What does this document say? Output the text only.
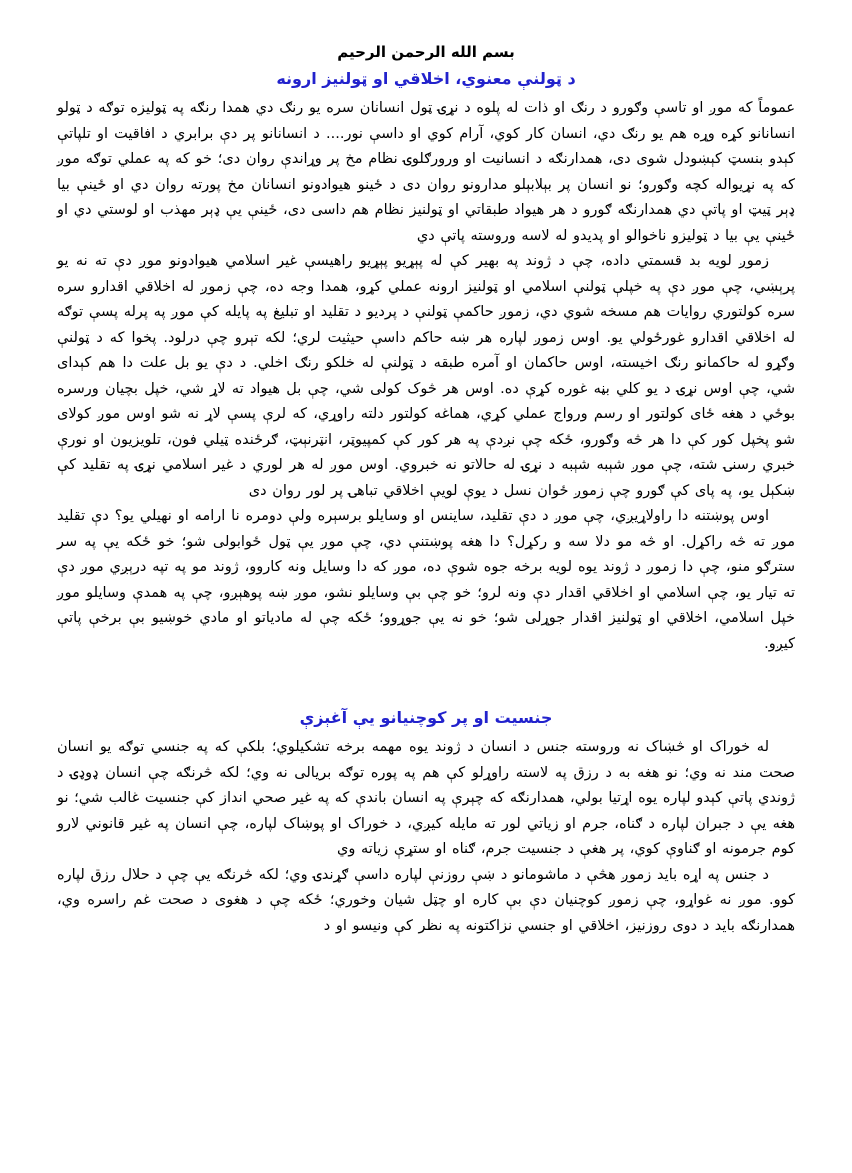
بسم الله الرحمن الرحيم

د ټولنې معنوي، اخلاقي او ټولنيز ارونه

عموماً که موږ او تاسې وګورو د رنګ او ذات له پلوه د نړۍ ټول انسانان سره يو رنګ دي همدا رنګه په ټوليزه توګه د ټولو انسانانو کړه وړه هم يو رنګ دي، انسان کار کوي، آرام کوي او داسې نور.... د انسانانو پر دې برابري د افاقيت او تلپاتې کېدو بنسټ کېښودل شوی دی، همدارنګه د انسانيت او ورورګلوۍ نظام مخ پر وړاندې روان دی؛ خو که په عملي توګه موږ که په نړيواله کچه وګورو؛ نو انسان پر بېلابېلو مدارونو روان دی د ځينو هيوادونو انسانان مخ پورته روان دي او ځينې بيا ډېر ټيټ او پاتې دي همدارنګه ګورو د هر هيواد طبقاتي او ټولنيز نظام هم داسی دی، ځينې يې ډېر مهذب او لوستي دي او ځينې يې بيا د ټوليزو ناخوالو او پديدو له لاسه وروسته پاتې دي

زموږ لويه بد قسمتي داده، چې د ژوند په بهير کې له پېړيو پېړيو راهيسې غير اسلامي هيوادونو موږ دې ته نه يو پرېښي، چې موږ دې په خپلې ټولنې اسلامي او ټولنيز ارونه عملي کړو، همدا وجه ده، چې زموږ له اخلاقي اقدارو سره سره کولتوري روايات هم مسخه شوي دي، زموږ حاکمې ټولنې د پرديو د تقليد او تبليغ په پايله کې موږ په پرله پسې توګه له اخلاقي اقدارو غورځولي يو. اوس زموږ لپاره هر ښه حاکم داسې حيثيت لري؛ لکه تېرو چې درلود. پخوا که د ټولنې وګړو له حاکمانو رنګ اخيسته، اوس حاکمان او آمره طبقه د ټولنې له خلکو رنګ اخلي. د دې يو بل علت دا هم کېدای شي، چې اوس نړۍ د يو کلي بڼه غوره کړې ده. اوس هر څوک کولی شي، چې بل هيواد ته لاړ شي، خپل بچيان ورسره بوځي د هغه ځای کولتور او رسم ورواج عملي کړي، هماغه کولتور دلته راوړي، که لرې پسې لاړ نه شو اوس موږ کولای شو پخپل کور کې دا هر څه وګورو، ځکه چې نږدې په هر کور کې کمپيوټر، انټرنېټ، ګرځنده ټيلي فون، تلويزيون او نورې خبري رسنۍ شته، چې موږ شېبه شېبه د نړۍ له حالاتو نه خبروي. اوس موږ له هر لوري د غير اسلامي نړۍ په تقليد کې ښکېل يو، په پای کې ګورو چې زموږ ځوان نسل د يوې لويې اخلاقي تباهۍ پر لور روان دی

اوس پوښتنه دا راولاړيږي، چې موږ د دې تقليد، ساينس او وسايلو برسېره ولې دومره نا ارامه او نهيلي يو؟ دې تقليد موږ ته څه راکړل. او څه مو دلا سه و رکړل؟ دا هغه پوښتنې دي، چې موږ يې ټول ځوابولی شو؛ خو ځکه يې په سر سترګو منو، چې دا زموږ د ژوند يوه لويه برخه جوه شوې ده، موږ که دا وسايل ونه کاروو، ژوند مو په تپه درېږي موږ دې ته تيار يو، چې اسلامي او اخلاقي اقدار دې ونه لرو؛ خو چې بې وسايلو نشو، موږ ښه پوهېږو، چې په همدې وسايلو موږ خپل اسلامي، اخلاقي او ټولنيز اقدار جوړلی شو؛ خو نه يې جوړوو؛ ځکه چې له مادياتو او مادي خوښيو بې برخې پاتې کيږو.

جنسيت او پر کوچنيانو يې آغېزې

له خوراک او څښاک نه وروسته جنس د انسان د ژوند يوه مهمه برخه تشکيلوي؛ بلکې که په جنسي توګه يو انسان صحت مند نه وي؛ نو هغه به د رزق په لاسته راوړلو کې هم په پوره توګه بريالی نه وي؛ لکه څرنګه چې انسان ډوډۍ د ژوندي پاتې کېدو لپاره يوه اړتيا بولي، همدارنګه که چېرې په انسان باندې که په غير صحي انداز کې جنسيت غالب شي؛ نو هغه يې د جبران لپاره د ګناه، جرم او زياتي لور ته مايله کيږي، د خوراک او پوښاک لپاره، چې انسان په غير قانوني لارو کوم جرمونه او ګناوې کوي، پر هغې د جنسيت جرم، ګناه او ستړې زياته وي

د جنس په اړه بايد زموږ هڅې د ماشومانو د ښې روزنې لپاره داسې ګړندۍ وي؛ لکه څرنګه يې چې د حلال رزق لپاره کوو. موږ نه غواړو، چې زموږ کوچنيان دې بې کاره او چټل شيان وخوري؛ ځکه چې د هغوی د صحت غم راسره وي، همدارنګه بايد د دوی روزنيز، اخلاقي او جنسي نزاکتونه په نظر کې ونيسو او د
